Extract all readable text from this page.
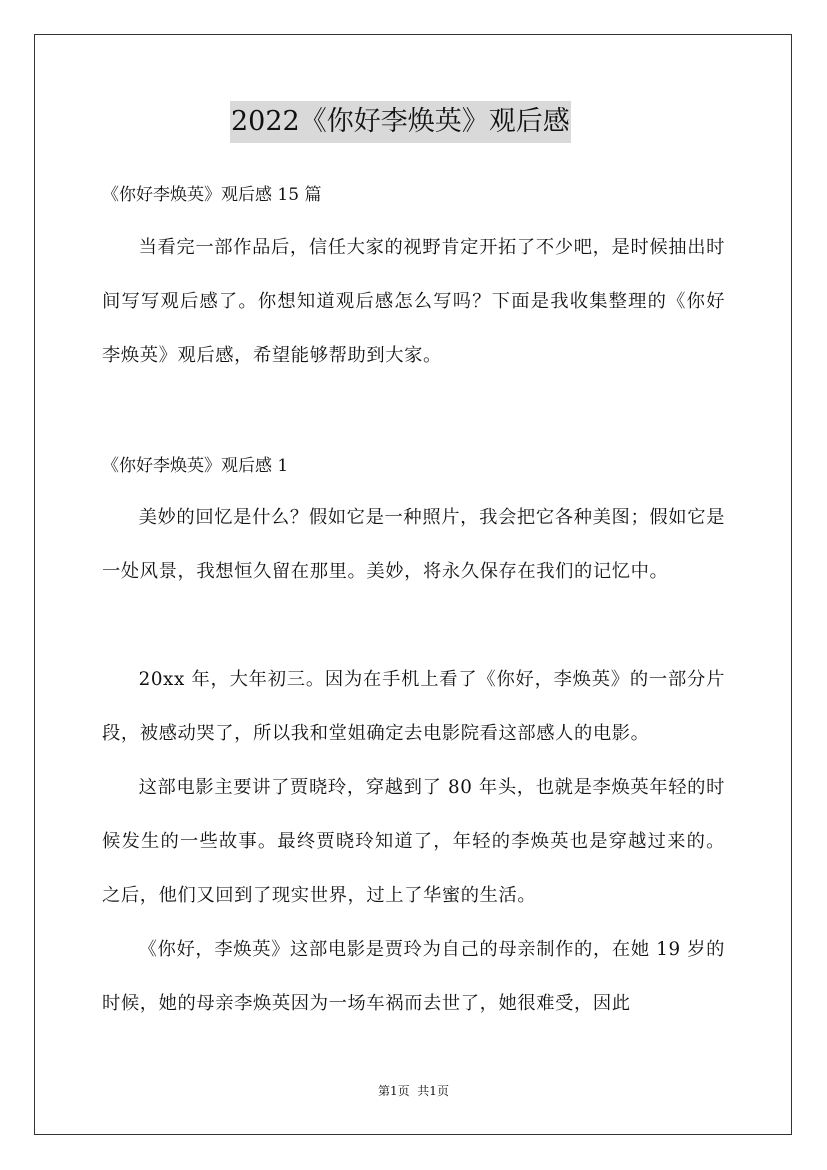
2022《你好李焕英》观后感
《你好李焕英》观后感 15 篇

当看完一部作品后，信任大家的视野肯定开拓了不少吧，是时候抽出时间写写观后感了。你想知道观后感怎么写吗？下面是我收集整理的《你好李焕英》观后感，希望能够帮助到大家。

《你好李焕英》观后感 1

美妙的回忆是什么？假如它是一种照片，我会把它各种美图；假如它是一处风景，我想恒久留在那里。美妙，将永久保存在我们的记忆中。

20xx 年，大年初三。因为在手机上看了《你好，李焕英》的一部分片段，被感动哭了，所以我和堂姐确定去电影院看这部感人的电影。

这部电影主要讲了贾晓玲，穿越到了 80 年头，也就是李焕英年轻的时候发生的一些故事。最终贾晓玲知道了，年轻的李焕英也是穿越过来的。之后，他们又回到了现实世界，过上了华蜜的生活。

《你好，李焕英》这部电影是贾玲为自己的母亲制作的，在她 19 岁的时候，她的母亲李焕英因为一场车祸而去世了，她很难受，因此

第1页  共1页
